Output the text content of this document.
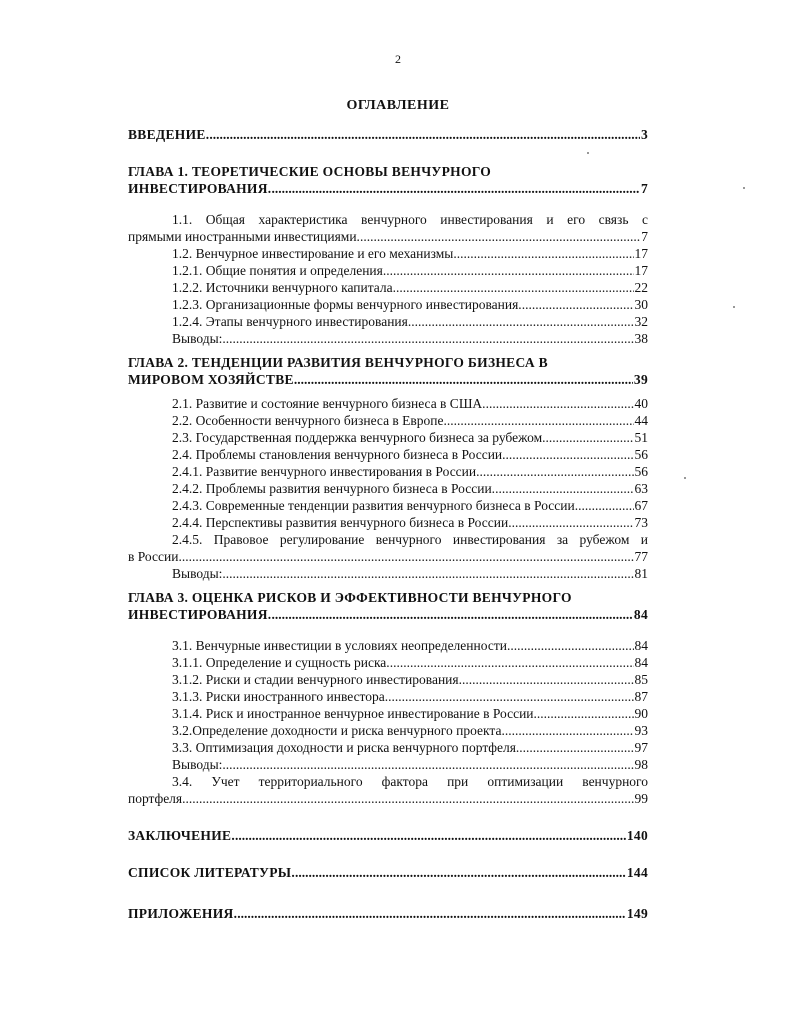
2
ОГЛАВЛЕНИЕ
ВВЕДЕНИЕ. .....	3
ГЛАВА 1. ТЕОРЕТИЧЕСКИЕ ОСНОВЫ ВЕНЧУРНОГО
ИНВЕСТИРОВАНИЯ. .....	7
1.1. Общая характеристика венчурного инвестирования и его связь с
прямыми иностранными инвестициями. .....	7
1.2. Венчурное инвестирование и его механизмы. .....	17
1.2.1. Общие понятия и определения. .....	17
1.2.2. Источники венчурного капитала. .....	22
1.2.3. Организационные формы венчурного инвестирования. .....	30
1.2.4. Этапы венчурного инвестирования. .....	32
Выводы: .....	38
ГЛАВА 2. ТЕНДЕНЦИИ РАЗВИТИЯ ВЕНЧУРНОГО БИЗНЕСА В
МИРОВОМ ХОЗЯЙСТВЕ .....	39
2.1. Развитие и состояние венчурного бизнеса в США. .....	40
2.2. Особенности венчурного бизнеса в Европе .....	44
2.3. Государственная поддержка венчурного бизнеса за рубежом. .....	51
2.4. Проблемы становления венчурного бизнеса в России. .....	56
2.4.1. Развитие венчурного инвестирования в России .....	56
2.4.2. Проблемы развития венчурного бизнеса в России. .....	63
2.4.3. Современные тенденции развития венчурного бизнеса в России .....	67
2.4.4. Перспективы развития венчурного бизнеса в России. .....	73
2.4.5. Правовое регулирование венчурного инвестирования за рубежом и
в России. .....	77
Выводы: .....	81
ГЛАВА 3. ОЦЕНКА РИСКОВ И ЭФФЕКТИВНОСТИ ВЕНЧУРНОГО
ИНВЕСТИРОВАНИЯ. .....	84
3.1. Венчурные инвестиции в условиях неопределенности. .....	84
3.1.1. Определение и сущность риска. .....	84
3.1.2. Риски и стадии венчурного инвестирования. .....	85
3.1.3. Риски иностранного инвестора. .....	87
3.1.4. Риск и иностранное венчурное инвестирование в России. .....	90
3.2.Определение доходности и риска венчурного проекта. .....	93
3.3. Оптимизация доходности и риска венчурного портфеля .....	97
Выводы: .....	98
3.4. Учет территориального фактора при оптимизации венчурного
портфеля .....	99
ЗАКЛЮЧЕНИЕ. .....	140
СПИСОК ЛИТЕРАТУРЫ. .....	144
ПРИЛОЖЕНИЯ. .....	149
